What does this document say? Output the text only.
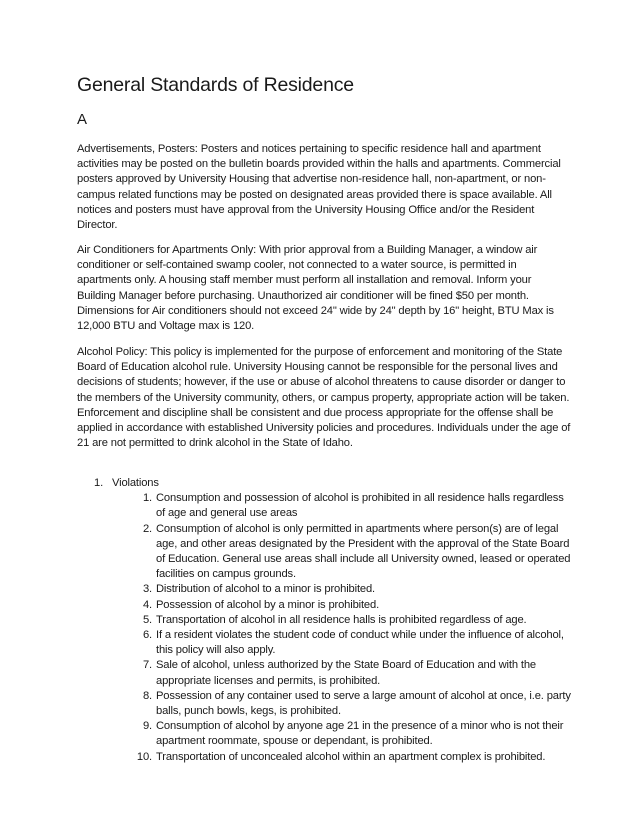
General Standards of Residence
A

Advertisements, Posters: Posters and notices pertaining to specific residence hall and apartment activities may be posted on the bulletin boards provided within the halls and apartments. Commercial posters approved by University Housing that advertise non-residence hall, non-apartment, or non-campus related functions may be posted on designated areas provided there is space available. All notices and posters must have approval from the University Housing Office and/or the Resident Director.

Air Conditioners for Apartments Only: With prior approval from a Building Manager, a window air conditioner or self-contained swamp cooler, not connected to a water source, is permitted in apartments only. A housing staff member must perform all installation and removal. Inform your Building Manager before purchasing. Unauthorized air conditioner will be fined $50 per month. Dimensions for Air conditioners should not exceed 24" wide by 24" depth by 16" height, BTU Max is 12,000 BTU and Voltage max is 120.

Alcohol Policy: This policy is implemented for the purpose of enforcement and monitoring of the State Board of Education alcohol rule. University Housing cannot be responsible for the personal lives and decisions of students; however, if the use or abuse of alcohol threatens to cause disorder or danger to the members of the University community, others, or campus property, appropriate action will be taken. Enforcement and discipline shall be consistent and due process appropriate for the offense shall be applied in accordance with established University policies and procedures. Individuals under the age of 21 are not permitted to drink alcohol in the State of Idaho.

1. Violations
1. Consumption and possession of alcohol is prohibited in all residence halls regardless of age and general use areas
2. Consumption of alcohol is only permitted in apartments where person(s) are of legal age, and other areas designated by the President with the approval of the State Board of Education. General use areas shall include all University owned, leased or operated facilities on campus grounds.
3. Distribution of alcohol to a minor is prohibited.
4. Possession of alcohol by a minor is prohibited.
5. Transportation of alcohol in all residence halls is prohibited regardless of age.
6. If a resident violates the student code of conduct while under the influence of alcohol, this policy will also apply.
7. Sale of alcohol, unless authorized by the State Board of Education and with the appropriate licenses and permits, is prohibited.
8. Possession of any container used to serve a large amount of alcohol at once, i.e. party balls, punch bowls, kegs, is prohibited.
9. Consumption of alcohol by anyone age 21 in the presence of a minor who is not their apartment roommate, spouse or dependant, is prohibited.
10. Transportation of unconcealed alcohol within an apartment complex is prohibited.
